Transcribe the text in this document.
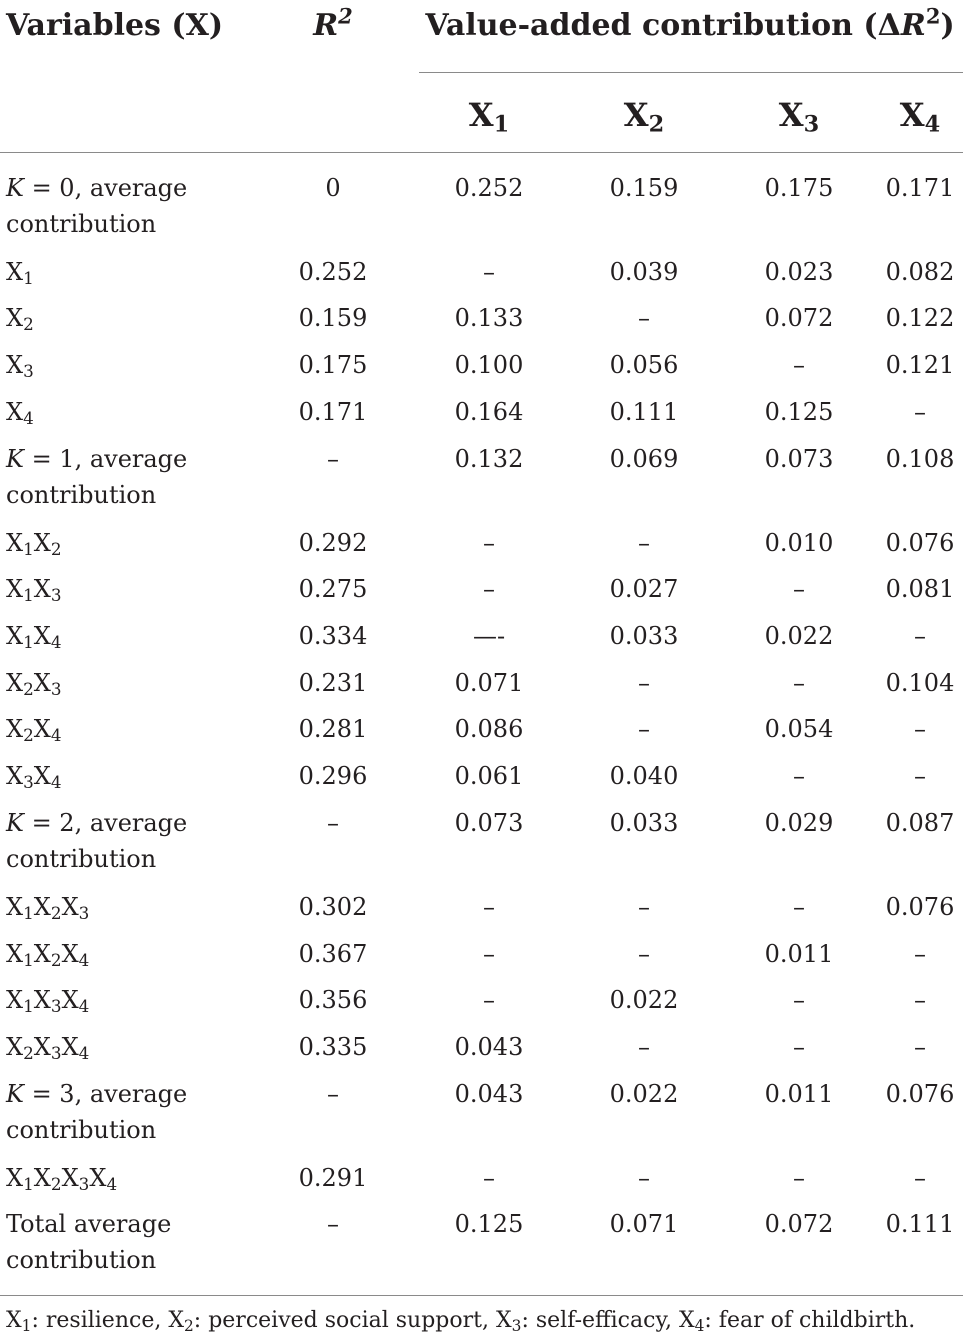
Variables (X)	$R^2$	Value-added contribution $(\Delta R^2)$
$X_1$	$X_2$	$X_3$	$X_4$
K = 0, average
contribution
0	0.252	0.159	0.175	0.171
$X_1$	0.252	–	0.039	0.023	0.082
$X_2$	0.159	0.133	–	0.072	0.122
$X_3$	0.175	0.100	0.056	–	0.121
$X_4$	0.171	0.164	0.111	0.125	–
K = 1, average
contribution
–	0.132	0.069	0.073	0.108
$X_1X_2$	0.292	–	–	0.010	0.076
$X_1X_3$	0.275	–	0.027	–	0.081
$X_1X_4$	0.334	—-	0.033	0.022	–
$X_2X_3$	0.231	0.071	–	–	0.104
$X_2X_4$	0.281	0.086	–	0.054	–
$X_3X_4$	0.296	0.061	0.040	–	–
K = 2, average
contribution
–	0.073	0.033	0.029	0.087
$X_1X_2X_3$	0.302	–	–	–	0.076
$X_1X_2X_4$	0.367	–	–	0.011	–
$X_1X_3X_4$	0.356	–	0.022	–	–
$X_2X_3X_4$	0.335	0.043	–	–	–
K = 3, average
contribution
–	0.043	0.022	0.011	0.076
$X_1X_2X_3X_4$	0.291	–	–	–	–
Total average
contribution
–	0.125	0.071	0.072	0.111
$X_1$: resilience, $X_2$: perceived social support, $X_3$: self-efficacy, $X_4$: fear of childbirth.
